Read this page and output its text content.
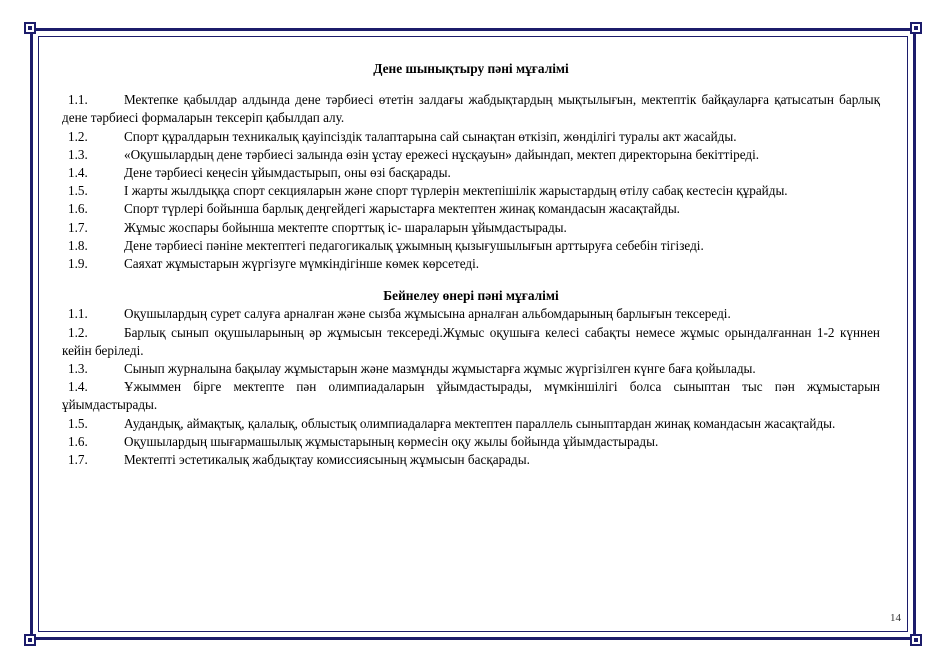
Дене шынықтыру пәні мұғалімі
1.1.	Мектепке қабылдар алдында дене тәрбиесі өтетін залдағы жабдықтардың мықтылығын, мектептік байқауларға қатысатын барлық дене тәрбиесі формаларын тексеріп қабылдап алу.
1.2.	Спорт құралдарын техникалық қауіпсіздік талаптарына сай сынақтан өткізіп, жөнділігі туралы акт жасайды.
1.3.	«Оқушылардың дене тәрбиесі залында өзін ұстау ережесі нұсқауын» дайындап, мектеп директорына бекіттіреді.
1.4.	Дене тәрбиесі кеңесін ұйымдастырып, оны өзі басқарады.
1.5.	І жарты жылдыққа спорт секцияларын және спорт түрлерін мектепішілік жарыстардың өтілу сабақ кестесін құрайды.
1.6.	Спорт түрлері бойынша барлық деңгейдегі жарыстарға мектептен жинақ командасын жасақтайды.
1.7.	Жұмыс жоспары бойынша мектепте спорттық іс- шараларын ұйымдастырады.
1.8.	Дене тәрбиесі пәніне мектептегі педагогикалық ұжымның қызығушылығын арттыруға себебін тігізеді.
1.9.	Саяхат жұмыстарын жүргізуге мүмкіндігінше көмек көрсетеді.
Бейнелеу өнері пәні мұғалімі
1.1.	Оқушылардың сурет салуға арналған және сызба жұмысына арналған альбомдарының барлығын тексереді.
1.2.	Барлық сынып оқушыларының әр жұмысын тексереді.Жұмыс оқушыға келесі сабақты немесе жұмыс орындалғаннан 1-2 күннен кейін беріледі.
1.3.	Сынып журналына бақылау жұмыстарын және мазмұнды жұмыстарға жұмыс жүргізілген күнге баға қойылады.
1.4.	Ұжыммен бірге мектепте пән олимпиадаларын ұйымдастырады, мүмкіншілігі болса сыныптан тыс пән жұмыстарын ұйымдастырады.
1.5.	Аудандық, аймақтық, қалалық, облыстық олимпиадаларға мектептен параллель сыныптардан жинақ командасын жасақтайды.
1.6.	Оқушылардың шығармашылық жұмыстарының көрмесін оқу жылы бойында ұйымдастырады.
1.7.	Мектепті эстетикалық жабдықтау комиссиясының жұмысын басқарады.
14
